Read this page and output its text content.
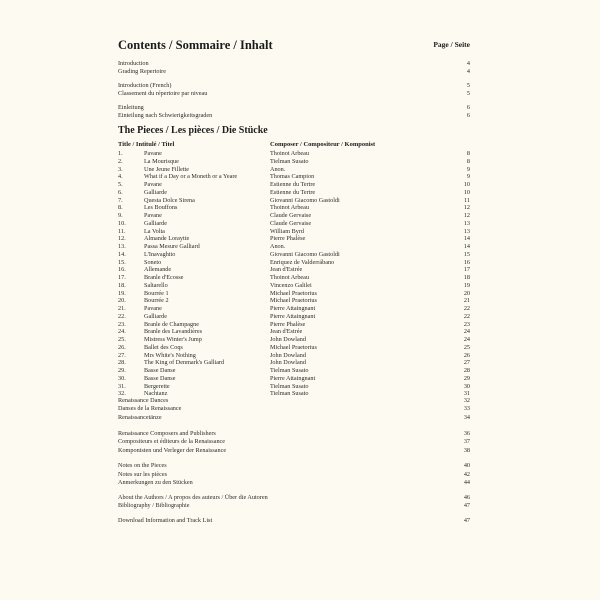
Contents / Sommaire / Inhalt	Page / Seite
Introduction	4
Grading Repertoire	4
Introduction (French)	5
Classement du répertoire par niveau	5
Einleitung	6
Einteilung nach Schwierigkeitsgraden	6
The Pieces / Les pièces / Die Stücke
Title / Intitulé / Titel	Composer / Compositeur / Komponist
1.	Pavane	Thoinot Arbeau	8
2.	La Mourisque	Tielman Susato	8
3.	Une Jeune Fillette	Anon.	9
4.	What if a Day or a Moneth or a Yeare	Thomas Campion	9
5.	Pavane	Estienne du Tertre	10
6.	Galliarde	Estienne du Tertre	10
7.	Questa Dolce Sirena	Giovanni Giacomo Gastoldi	11
8.	Les Bouffons	Thoinot Arbeau	12
9.	Pavane	Claude Gervaise	12
10.	Galliarde	Claude Gervaise	13
11.	La Volta	William Byrd	13
12.	Almande Loraytte	Pierre Phalèse	14
13.	Passa Mesure Galliard	Anon.	14
14.	L'Inavaghito	Giovanni Giacomo Gastoldi	15
15.	Soneto	Enriquez de Valderrábano	16
16.	Allemande	Jean d'Estrée	17
17.	Branle d'Ecosse	Thoinot Arbeau	18
18.	Saltarello	Vincenzo Galilei	19
19.	Bourrée 1	Michael Praetorius	20
20.	Bourrée 2	Michael Praetorius	21
21.	Pavane	Pierre Attaingnant	22
22.	Galliarde	Pierre Attaingnant	22
23.	Branle de Champagne	Pierre Phalèse	23
24.	Branle des Lavandières	Jean d'Estrée	24
25.	Mistress Winter's Jump	John Dowland	24
26.	Ballet des Coqs	Michael Praetorius	25
27.	Mrs White's Nothing	John Dowland	26
28.	The King of Denmark's Galliard	John Dowland	27
29.	Basse Danse	Tielman Susato	28
30.	Basse Danse	Pierre Attaingnant	29
31.	Bergerette	Tielman Susato	30
32.	Nachtanz	Tielman Susato	31
Renaissance Dances	32
Danses de la Renaissance	33
Renaissancetänze	34
Renaissance Composers and Publishers	36
Compositeurs et éditeurs de la Renaissance	37
Komponisten und Verleger der Renaissance	38
Notes on the Pieces	40
Notes sur les pièces	42
Anmerkungen zu den Stücken	44
About the Authors / A propos des auteurs / Über die Autoren	46
Bibliography / Bibliographie	47
Download Information and Track List	47
